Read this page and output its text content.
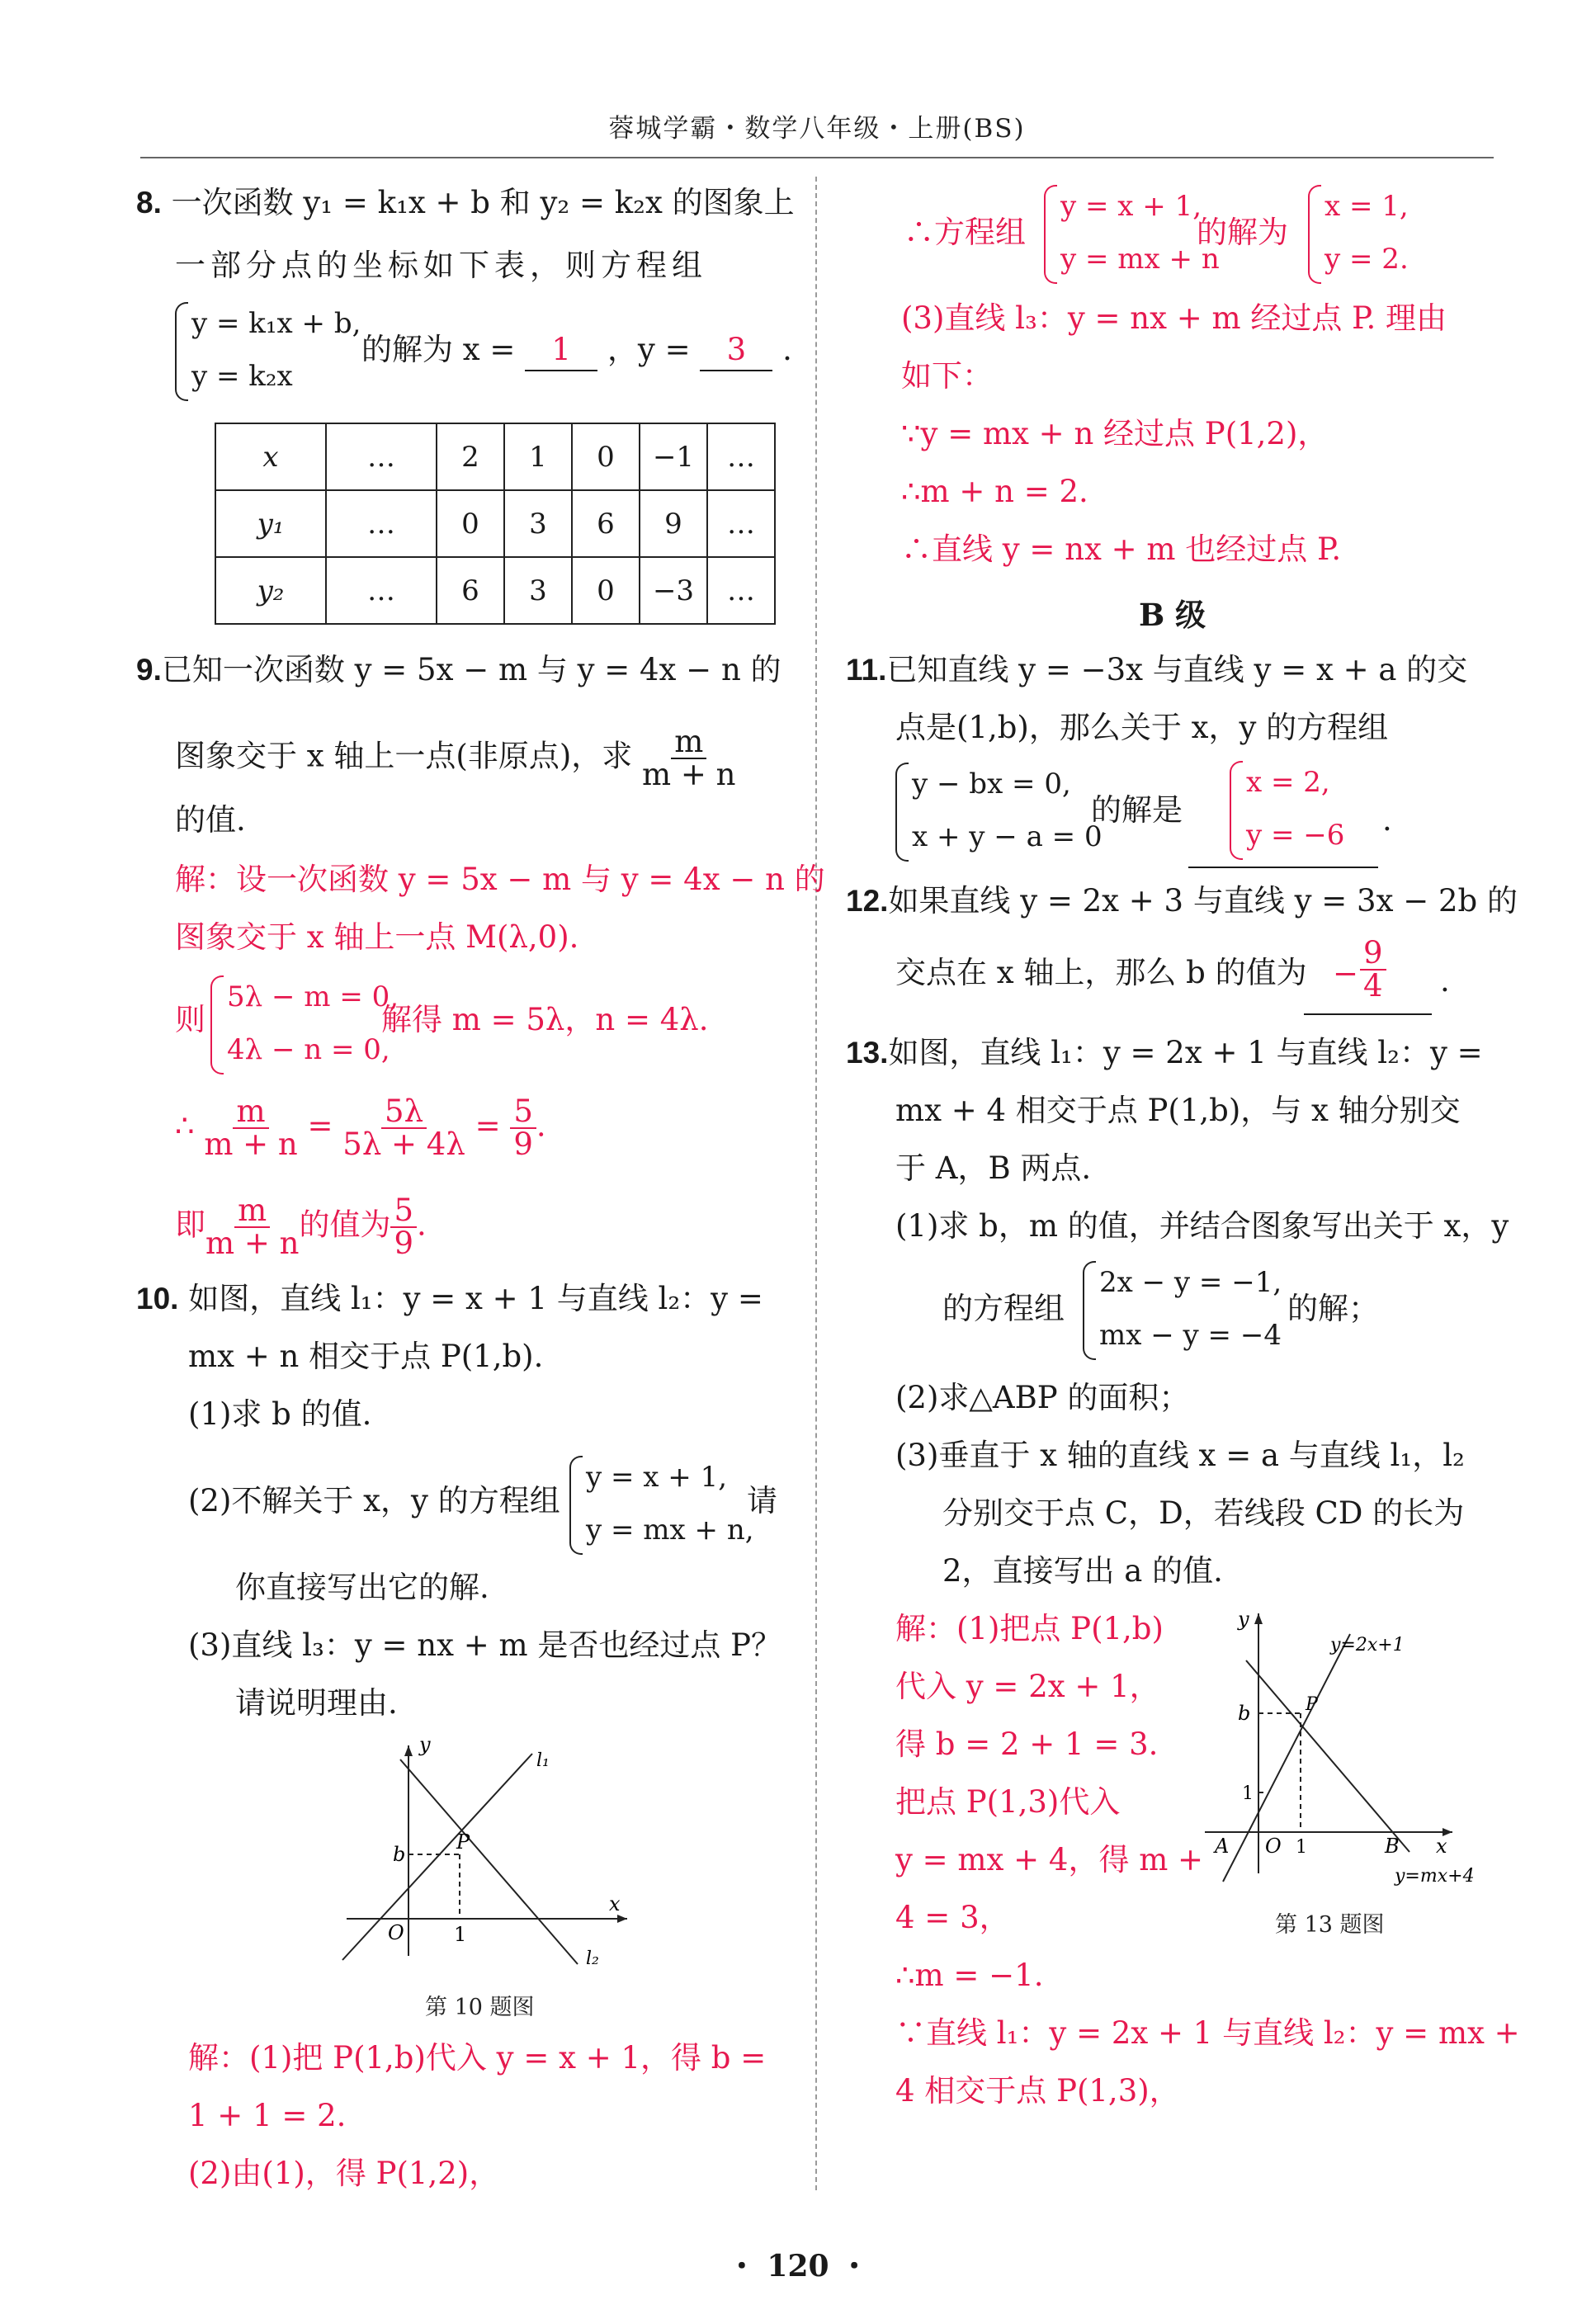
蓉城学霸・数学八年级・上册(BS)
8. 一次函数 y₁ = k₁x + b 和 y₂ = k₂x 的图象上
一部分点的坐标如下表，则方程组
y = k₁x + b,
y = k₂x
的解为 x = 1 ，y = 3 .
x	…	2	1	0	−1	…
y₁	…	0	3	6	9	…
y₂	…	6	3	0	−3	…
9.已知一次函数 y = 5x − m 与 y = 4x − n 的
图象交于 x 轴上一点(非原点)，求 $\frac{m}{m + n}$
的值.
解：设一次函数 y = 5x − m 与 y = 4x − n 的
图象交于 x 轴上一点 M(λ,0).
则
5λ − m = 0,
4λ − n = 0,
解得 m = 5λ，n = 4λ.
∴ $\frac{m}{m + n} = \frac{5\lambda}{5\lambda + 4\lambda} = \frac{5}{9}$ .
即 $\frac{m}{m + n}$ 的值为 $\frac{5}{9}$ .
10. 如图，直线 l₁：y = x + 1 与直线 l₂：y =
mx + n 相交于点 P(1,b).
(1)求 b 的值.
(2)不解关于 x，y 的方程组
y = x + 1,
y = mx + n,
请
你直接写出它的解.
(3)直线 l₃：y = nx + m 是否也经过点 P？
请说明理由.
y
x
b
P
O	1
l₁
l₂
第 10 题图
解：(1)把 P(1,b)代入 y = x + 1，得 b =
1 + 1 = 2.
(2)由(1)，得 P(1,2)，
∴方程组
y = x + 1,
y = mx + n
的解为
x = 1,
y = 2.
(3)直线 l₃：y = nx + m 经过点 P. 理由
如下：
∵y = mx + n 经过点 P(1,2)，
∴m + n = 2.
∴直线 y = nx + m 也经过点 P.
B 级
11.已知直线 y = −3x 与直线 y = x + a 的交
点是(1,b)，那么关于 x，y 的方程组
y − bx = 0,
x + y − a = 0
的解是
x = 2,
y = −6 .
12.如果直线 y = 2x + 3 与直线 y = 3x − 2b 的
交点在 x 轴上，那么 b 的值为 − $\frac{9}{4}$ .
13.如图，直线 l₁：y = 2x + 1 与直线 l₂：y =
mx + 4 相交于点 P(1,b)，与 x 轴分别交
于 A，B 两点.
(1)求 b，m 的值，并结合图象写出关于 x，y
的方程组
2x − y = −1,
mx − y = −4
的解；
(2)求△ABP 的面积；
(3)垂直于 x 轴的直线 x = a 与直线 l₁，l₂
分别交于点 C，D，若线段 CD 的长为
2，直接写出 a 的值.
解：(1)把点 P(1,b)
代入 y = 2x + 1，
得 b = 2 + 1 = 3.
把点 P(1,3)代入
y = mx + 4，得 m +
4 = 3，
y
x
b	P
1
A O 1	B
y=2x+1
y=mx+4
第 13 题图
∴m = −1.
∵直线 l₁：y = 2x + 1 与直线 l₂：y = mx +
4 相交于点 P(1,3)，
・ 120 ・
